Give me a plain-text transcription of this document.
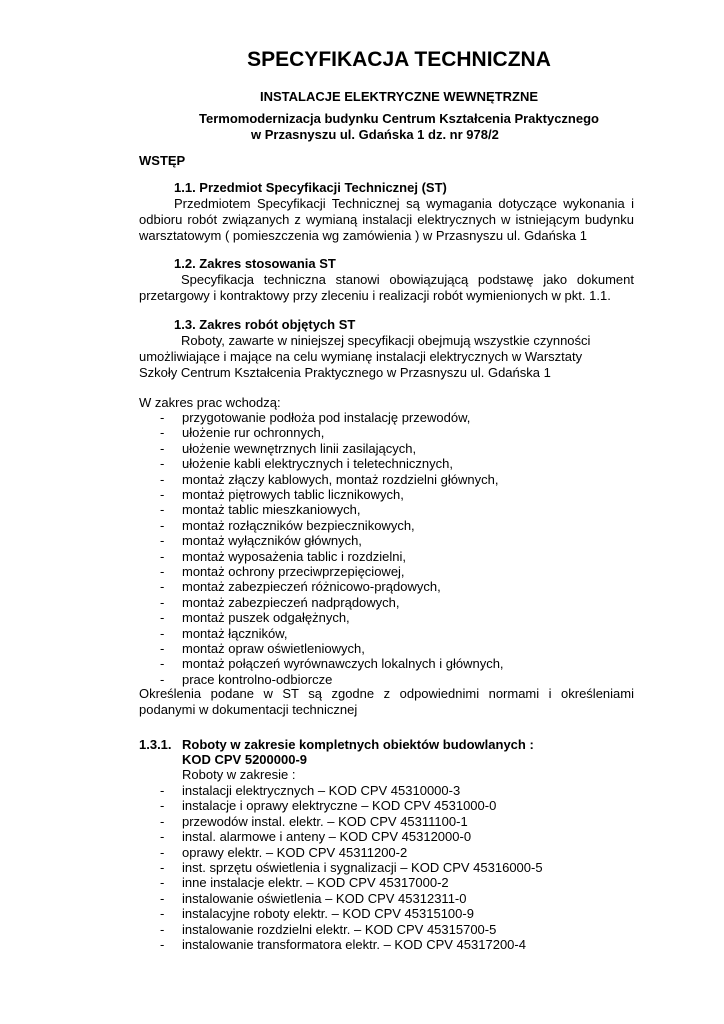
SPECYFIKACJA TECHNICZNA
INSTALACJE ELEKTRYCZNE WEWNĘTRZNE
Termomodernizacja budynku Centrum Kształcenia Praktycznego
w Przasnyszu ul. Gdańska 1 dz. nr 978/2
WSTĘP
1.1. Przedmiot Specyfikacji Technicznej (ST)
Przedmiotem Specyfikacji Technicznej są wymagania dotyczące wykonania i
odbioru robót związanych z wymianą instalacji elektrycznych w istniejącym budynku
warsztatowym ( pomieszczenia wg zamówienia ) w Przasnyszu ul. Gdańska 1
1.2. Zakres stosowania ST
Specyfikacja techniczna stanowi obowiązującą podstawę jako dokument
przetargowy i kontraktowy przy zleceniu i realizacji robót wymienionych w pkt. 1.1.
1.3. Zakres robót objętych ST
Roboty, zawarte w niniejszej specyfikacji obejmują wszystkie czynności
umożliwiające i mające na celu wymianę instalacji elektrycznych w Warsztaty
Szkoły Centrum Kształcenia Praktycznego w Przasnyszu ul. Gdańska 1
W zakres prac wchodzą:
- przygotowanie podłoża pod instalację przewodów,
- ułożenie rur ochronnych,
- ułożenie wewnętrznych linii zasilających,
- ułożenie kabli elektrycznych i teletechnicznych,
- montaż złączy kablowych, montaż rozdzielni głównych,
- montaż piętrowych tablic licznikowych,
- montaż tablic mieszkaniowych,
- montaż rozłączników bezpiecznikowych,
- montaż wyłączników głównych,
- montaż wyposażenia tablic i rozdzielni,
- montaż ochrony przeciwprzepięciowej,
- montaż zabezpieczeń różnicowo-prądowych,
- montaż zabezpieczeń nadprądowych,
- montaż puszek odgałężnych,
- montaż łączników,
- montaż opraw oświetleniowych,
- montaż połączeń wyrównawczych lokalnych i głównych,
- prace kontrolno-odbiorcze
Określenia podane w ST są zgodne z odpowiednimi normami i określeniami
podanymi w dokumentacji technicznej
1.3.1. Roboty w zakresie kompletnych obiektów budowlanych :
KOD CPV 5200000-9
Roboty w zakresie :
- instalacji elektrycznych – KOD CPV 45310000-3
- instalacje i oprawy elektryczne – KOD CPV 4531000-0
- przewodów instal. elektr. – KOD CPV 45311100-1
- instal. alarmowe i anteny – KOD CPV 45312000-0
- oprawy elektr. – KOD CPV 45311200-2
- inst. sprzętu oświetlenia i sygnalizacji – KOD CPV 45316000-5
- inne instalacje elektr. – KOD CPV 45317000-2
- instalowanie oświetlenia – KOD CPV 45312311-0
- instalacyjne roboty elektr. – KOD CPV 45315100-9
- instalowanie rozdzielni elektr. – KOD CPV 45315700-5
- instalowanie transformatora elektr. – KOD CPV 45317200-4
